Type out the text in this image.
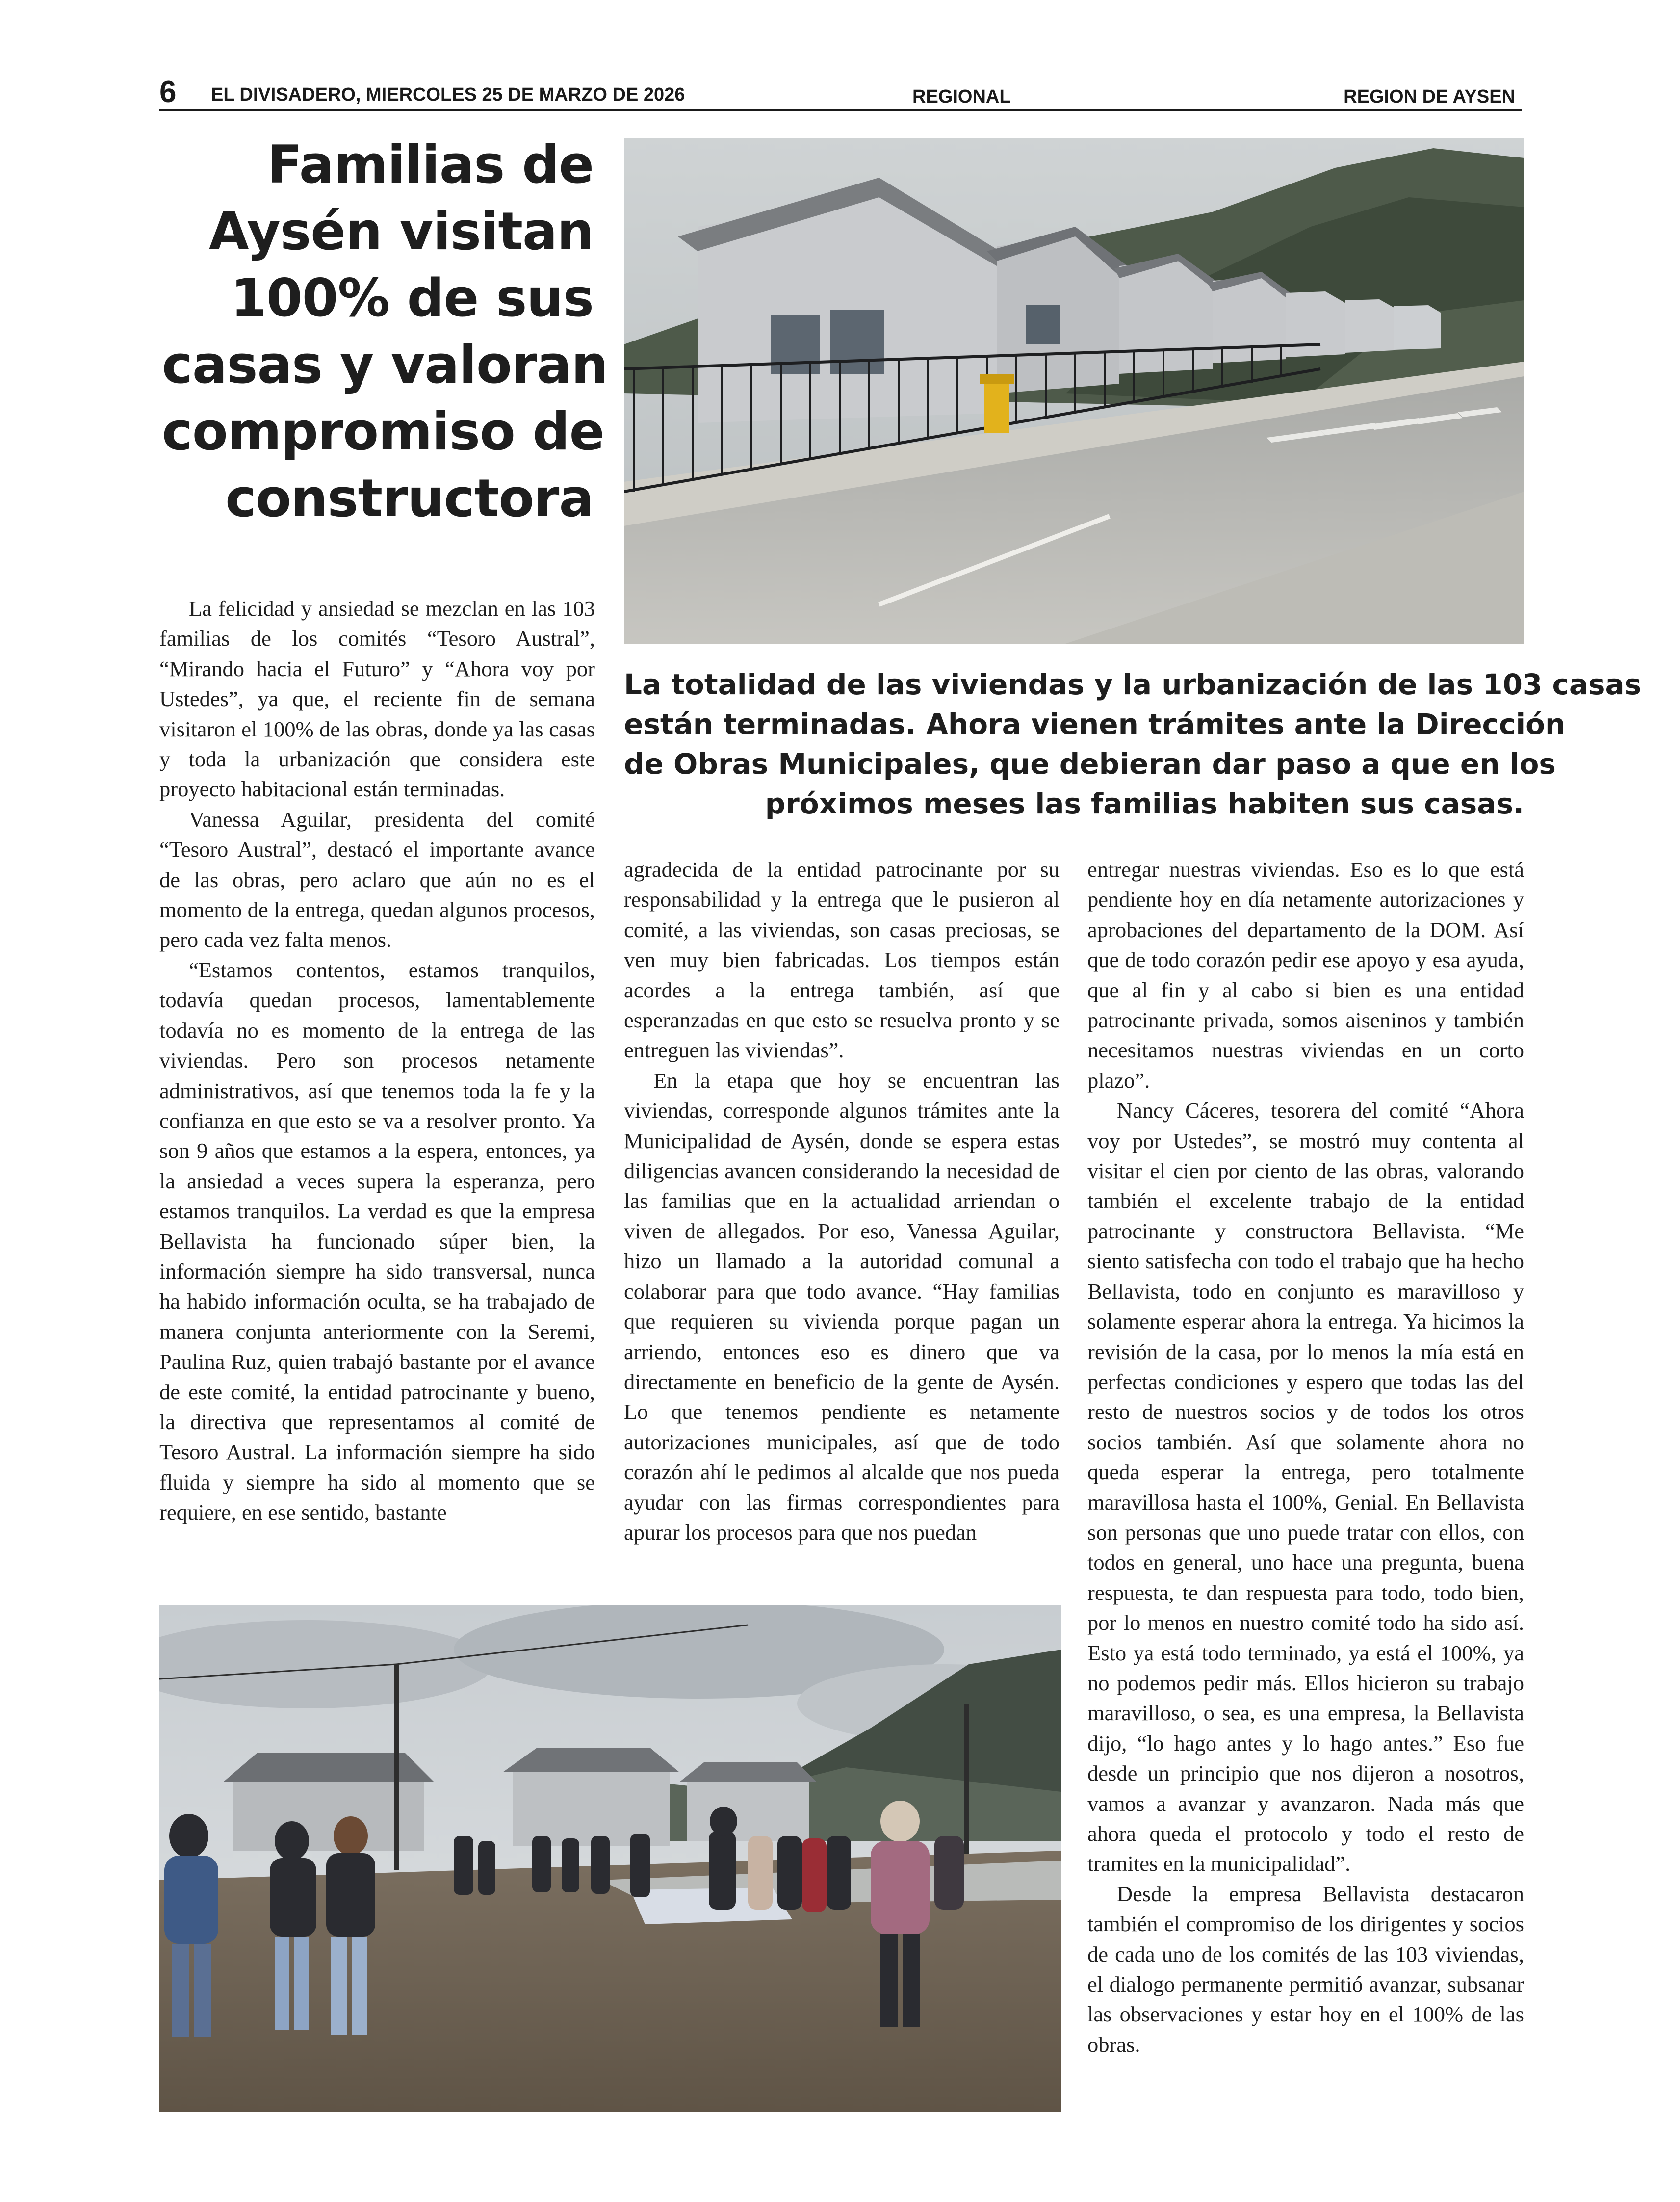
6 EL DIVISADERO, MIERCOLES 25 DE MARZO DE 2026	REGIONAL	REGION DE AYSEN
Familias de
Aysén visitan
100% de sus
casas y valoran
compromiso de
constructora
La totalidad de las viviendas y la urbanización de las 103 casas
están terminadas. Ahora vienen trámites ante la Dirección
de Obras Municipales, que debieran dar paso a que en los
próximos meses las familias habiten sus casas.

La felicidad y ansiedad se mezclan en las 103 familias de los comités “Tesoro Austral”, “Mirando hacia el Futuro” y “Ahora voy por Ustedes”, ya que, el reciente fin de semana visitaron el 100% de las obras, donde ya las casas y toda la urbanización que considera este proyecto habitacional están terminadas.

Vanessa Aguilar, presidenta del comité “Tesoro Austral”, destacó el importante avance de las obras, pero aclaro que aún no es el momento de la entrega, quedan algunos procesos, pero cada vez falta menos.

“Estamos contentos, estamos tranquilos, todavía quedan procesos, lamentablemente todavía no es momento de la entrega de las viviendas. Pero son procesos netamente administrativos, así que tenemos toda la fe y la confianza en que esto se va a resolver pronto. Ya son 9 años que estamos a la espera, entonces, ya la ansiedad a veces supera la esperanza, pero estamos tranquilos. La verdad es que la empresa Bellavista ha funcionado súper bien, la información siempre ha sido transversal, nunca ha habido información oculta, se ha trabajado de manera conjunta anteriormente con la Seremi, Paulina Ruz, quien trabajó bastante por el avance de este comité, la entidad patrocinante y bueno, la directiva que representamos al comité de Tesoro Austral. La información siempre ha sido fluida y siempre ha sido al momento que se requiere, en ese sentido, bastante

agradecida de la entidad patrocinante por su responsabilidad y la entrega que le pusieron al comité, a las viviendas, son casas preciosas, se ven muy bien fabricadas. Los tiempos están acordes a la entrega también, así que esperanzadas en que esto se resuelva pronto y se entreguen las viviendas”.

En la etapa que hoy se encuentran las viviendas, corresponde algunos trámites ante la Municipalidad de Aysén, donde se espera estas diligencias avancen considerando la necesidad de las familias que en la actualidad arriendan o viven de allegados. Por eso, Vanessa Aguilar, hizo un llamado a la autoridad comunal a colaborar para que todo avance. “Hay familias que requieren su vivienda porque pagan un arriendo, entonces eso es dinero que va directamente en beneficio de la gente de Aysén. Lo que tenemos pendiente es netamente autorizaciones municipales, así que de todo corazón ahí le pedimos al alcalde que nos pueda ayudar con las firmas correspondientes para apurar los procesos para que nos puedan

entregar nuestras viviendas. Eso es lo que está pendiente hoy en día netamente autorizaciones y aprobaciones del departamento de la DOM. Así que de todo corazón pedir ese apoyo y esa ayuda, que al fin y al cabo si bien es una entidad patrocinante privada, somos aiseninos y también necesitamos nuestras viviendas en un corto plazo”.

Nancy Cáceres, tesorera del comité “Ahora voy por Ustedes”, se mostró muy contenta al visitar el cien por ciento de las obras, valorando también el excelente trabajo de la entidad patrocinante y constructora Bellavista. “Me siento satisfecha con todo el trabajo que ha hecho Bellavista, todo en conjunto es maravilloso y solamente esperar ahora la entrega. Ya hicimos la revisión de la casa, por lo menos la mía está en perfectas condiciones y espero que todas las del resto de nuestros socios y de todos los otros socios también. Así que solamente ahora no queda esperar la entrega, pero totalmente maravillosa hasta el 100%, Genial. En Bellavista son personas que uno puede tratar con ellos, con todos en general, uno hace una pregunta, buena respuesta, te dan respuesta para todo, todo bien, por lo menos en nuestro comité todo ha sido así. Esto ya está todo terminado, ya está el 100%, ya no podemos pedir más. Ellos hicieron su trabajo maravilloso, o sea, es una empresa, la Bellavista dijo, “lo hago antes y lo hago antes.” Eso fue desde un principio que nos dijeron a nosotros, vamos a avanzar y avanzaron. Nada más que ahora queda el protocolo y todo el resto de tramites en la municipalidad”.

Desde la empresa Bellavista destacaron también el compromiso de los dirigentes y socios de cada uno de los comités de las 103 viviendas, el dialogo permanente permitió avanzar, subsanar las observaciones y estar hoy en el 100% de las obras.
